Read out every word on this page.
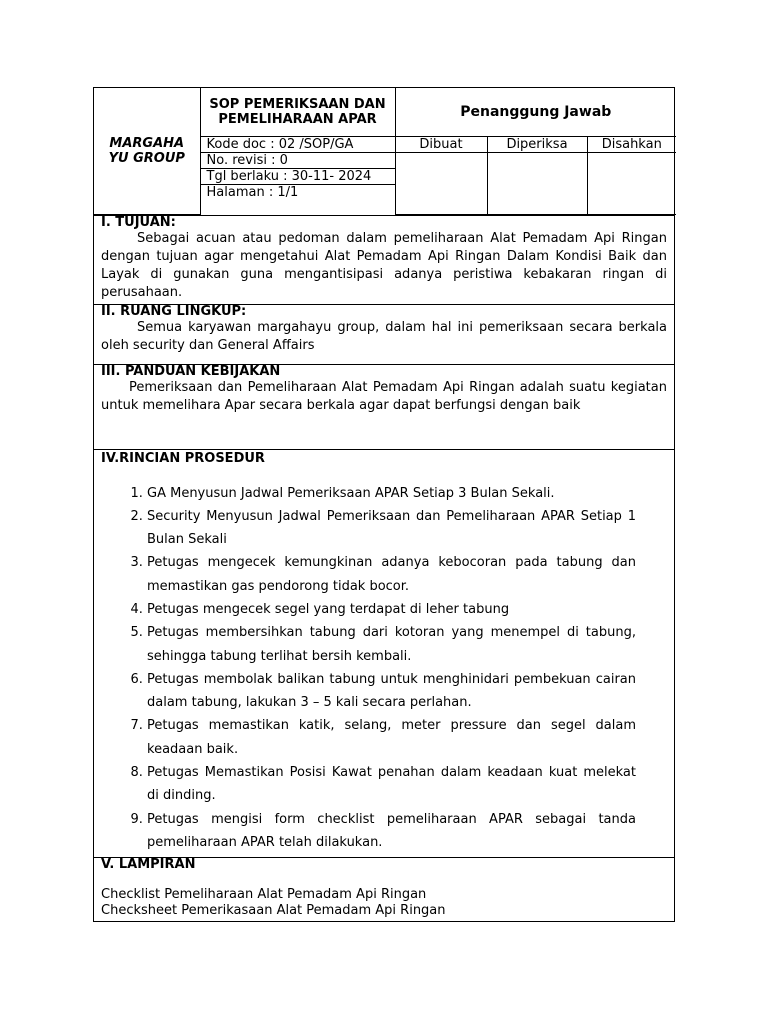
MARGAHA YU GROUP	SOP PEMERIKSAAN DAN PEMELIHARAAN APAR	Penanggung Jawab		
	Kode doc : 02 /SOP/GA	Dibuat	Diperiksa	Disahkan
	No. revisi : 0			
	Tgl berlaku : 30-11- 2024			
	Halaman : 1/1			
I. TUJUAN:
Sebagai acuan atau pedoman dalam pemeliharaan Alat Pemadam Api Ringan dengan tujuan agar mengetahui Alat Pemadam Api Ringan Dalam Kondisi Baik dan Layak di gunakan guna mengantisipasi adanya peristiwa kebakaran ringan di perusahaan.
II. RUANG LINGKUP:
Semua karyawan margahayu group, dalam hal ini pemeriksaan secara berkala oleh security dan General Affairs
III. PANDUAN KEBIJAKAN
Pemeriksaan dan Pemeliharaan Alat Pemadam Api Ringan adalah suatu kegiatan untuk memelihara Apar secara berkala agar dapat berfungsi dengan baik
IV.RINCIAN PROSEDUR
1. GA Menyusun Jadwal Pemeriksaan APAR Setiap 3 Bulan Sekali.
2. Security Menyusun Jadwal Pemeriksaan dan Pemeliharaan APAR Setiap 1 Bulan Sekali
3. Petugas mengecek kemungkinan adanya kebocoran pada tabung dan memastikan gas pendorong tidak bocor.
4. Petugas mengecek segel yang terdapat di leher tabung
5. Petugas membersihkan tabung dari kotoran yang menempel di tabung, sehingga tabung terlihat bersih kembali.
6. Petugas membolak balikan tabung untuk menghinidari pembekuan cairan dalam tabung, lakukan 3 – 5 kali secara perlahan.
7. Petugas memastikan katik, selang, meter pressure dan segel dalam keadaan baik.
8. Petugas Memastikan Posisi Kawat penahan dalam keadaan kuat melekat di dinding.
9. Petugas mengisi form checklist pemeliharaan APAR sebagai tanda pemeliharaan APAR telah dilakukan.
V. LAMPIRAN
Checklist Pemeliharaan Alat Pemadam Api Ringan
Checksheet Pemerikasaan Alat Pemadam Api Ringan
